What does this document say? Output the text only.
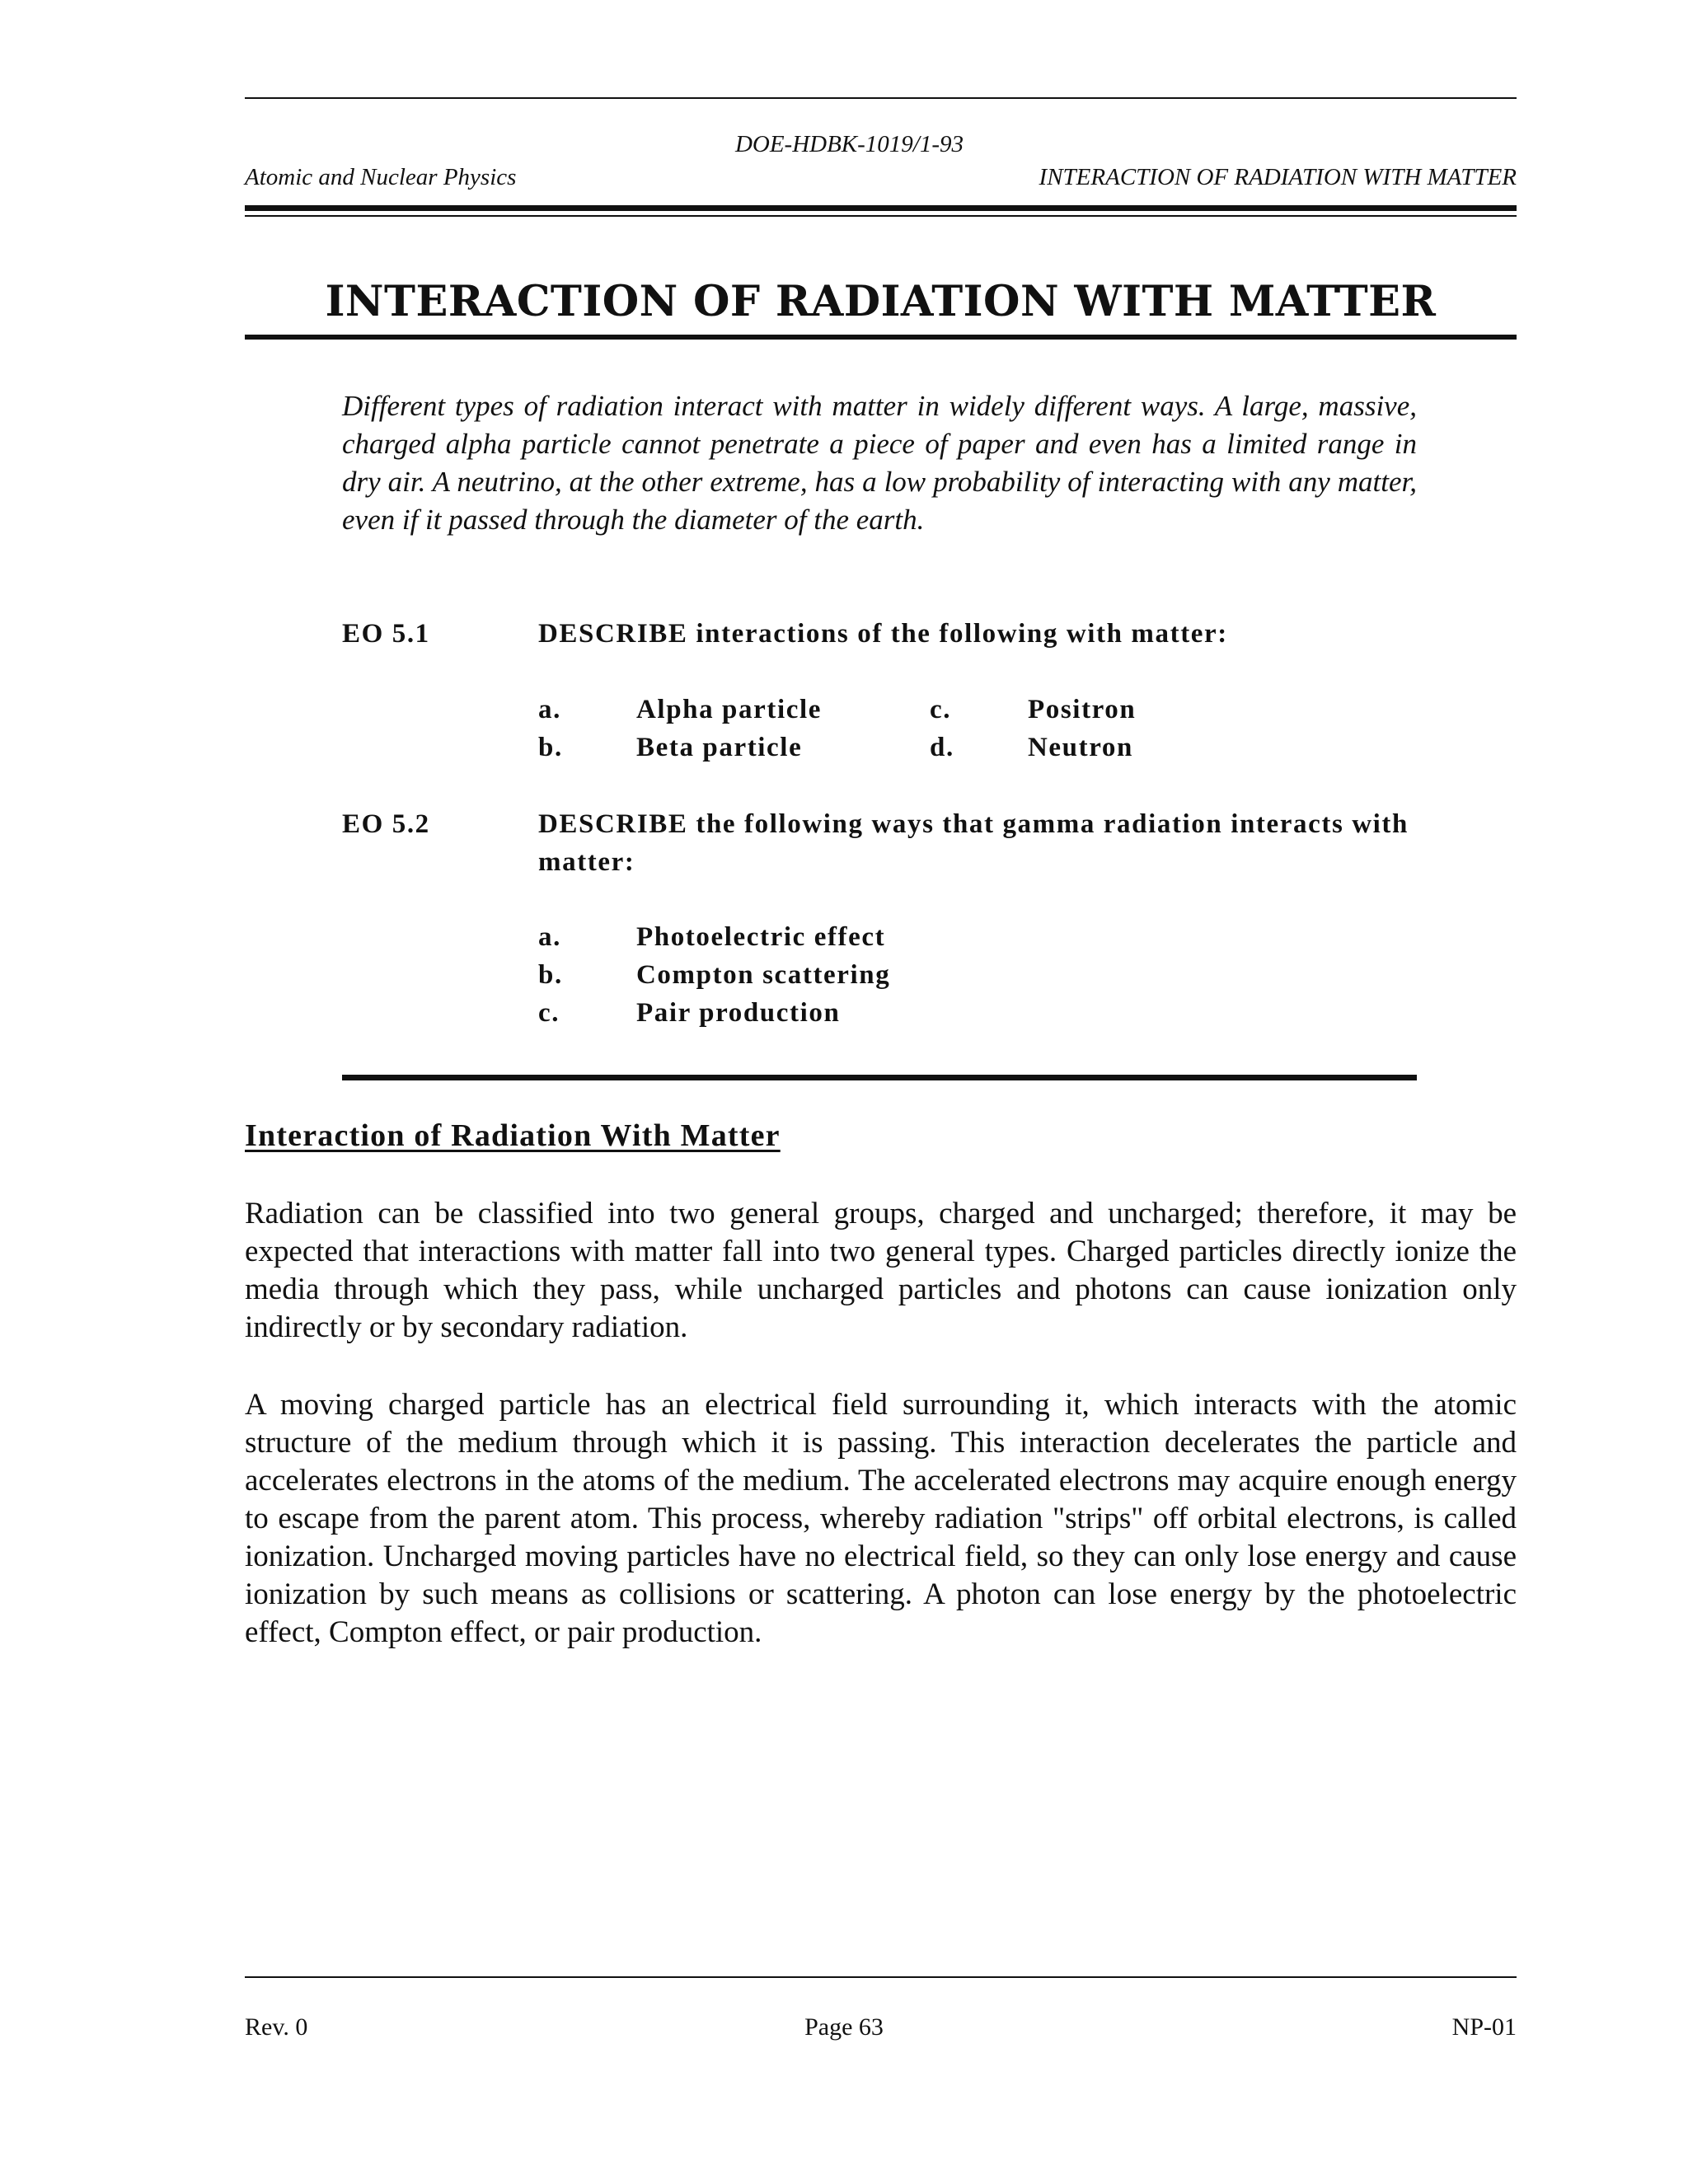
DOE-HDBK-1019/1-93
Atomic and Nuclear Physics	INTERACTION OF RADIATION WITH MATTER
INTERACTION OF RADIATION WITH MATTER

Different types of radiation interact with matter in widely different ways. A large, massive, charged alpha particle cannot penetrate a piece of paper and even has a limited range in dry air. A neutrino, at the other extreme, has a low probability of interacting with any matter, even if it passed through the diameter of the earth.

EO 5.1	DESCRIBE interactions of the following with matter:
a.	Alpha particle	c.	Positron
b.	Beta particle	d.	Neutron
EO 5.2	DESCRIBE the following ways that gamma radiation interacts with matter:
a.	Photoelectric effect
b.	Compton scattering
c.	Pair production
Interaction of Radiation With Matter

Radiation can be classified into two general groups, charged and uncharged; therefore, it may be expected that interactions with matter fall into two general types. Charged particles directly ionize the media through which they pass, while uncharged particles and photons can cause ionization only indirectly or by secondary radiation.

A moving charged particle has an electrical field surrounding it, which interacts with the atomic structure of the medium through which it is passing. This interaction decelerates the particle and accelerates electrons in the atoms of the medium. The accelerated electrons may acquire enough energy to escape from the parent atom. This process, whereby radiation "strips" off orbital electrons, is called ionization. Uncharged moving particles have no electrical field, so they can only lose energy and cause ionization by such means as collisions or scattering. A photon can lose energy by the photoelectric effect, Compton effect, or pair production.

Rev. 0	Page 63	NP-01
